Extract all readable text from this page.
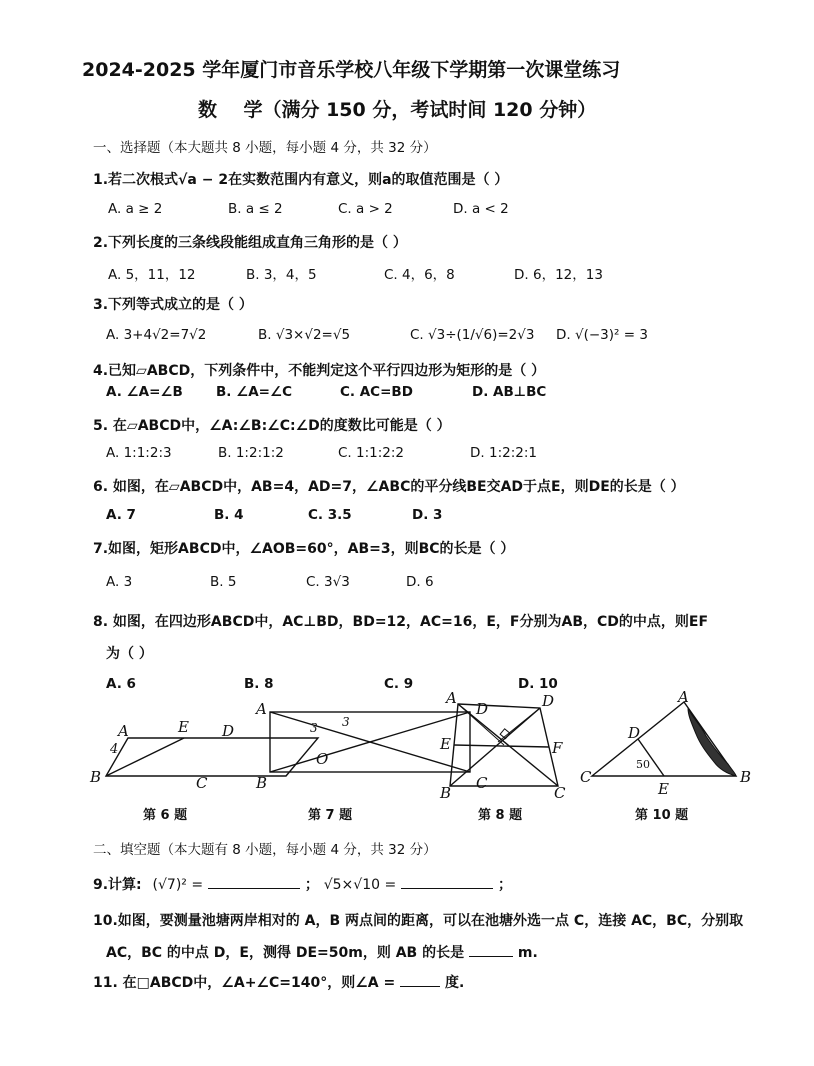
2024-2025 学年厦门市音乐学校八年级下学期第一次课堂练习
数    学（满分 150 分，考试时间 120 分钟）
一、选择题（本大题共 8 小题，每小题 4 分，共 32 分）
1.若二次根式√a − 2在实数范围内有意义，则a的取值范围是（ ）
A. a ≥ 2	B. a ≤ 2	C. a > 2	D. a < 2
2.下列长度的三条线段能组成直角三角形的是（ ）
A. 5，11，12	B. 3，4，5	C. 4，6，8	D. 6，12，13
3.下列等式成立的是（ ）
A. 3+4√2=7√2	B. √3×√2=√5	C. √3÷(1/√6)=2√3 D. √(−3)² = 3
4.已知▱ABCD，下列条件中，不能判定这个平行四边形为矩形的是（ ）
A. ∠A=∠B B. ∠A=∠C	C. AC=BD	D. AB⊥BC
5. 在▱ABCD中，∠A:∠B:∠C:∠D的度数比可能是（ ）
A. 1:1:2:3	B. 1:2:1:2	C. 1:1:2:2	D. 1:2:2:1
6. 如图，在▱ABCD中，AB=4，AD=7，∠ABC的平分线BE交AD于点E，则DE的长是（ ）
A. 7	B. 4	C. 3.5	D. 3
7.如图，矩形ABCD中，∠AOB=60°，AB=3，则BC的长是（ ）
A. 3	B. 5	C. 3√3	D. 6
8. 如图，在四边形ABCD中，AC⊥BD，BD=12，AC=16，E，F分别为AB，CD的中点，则EF
为（ ）
A. 6	B. 8	C. 9	D. 10
A	E D
B	C
4
A	D
O
B	C
3 3
A	D
E	F
B	C
A
D
C
E
B
50
第 6 题	第 7 题	第 8 题	第 10 题
二、填空题（本大题有 8 小题，每小题 4 分，共 32 分）
9.计算: (√7)² =	； √5×√10 =	；
10.如图，要测量池塘两岸相对的 A，B 两点间的距离，可以在池塘外选一点 C，连接 AC，BC，分别取
AC，BC 的中点 D，E，测得 DE=50m，则 AB 的长是	m.
11. 在□ABCD中，∠A+∠C=140°，则∠A =	度.
